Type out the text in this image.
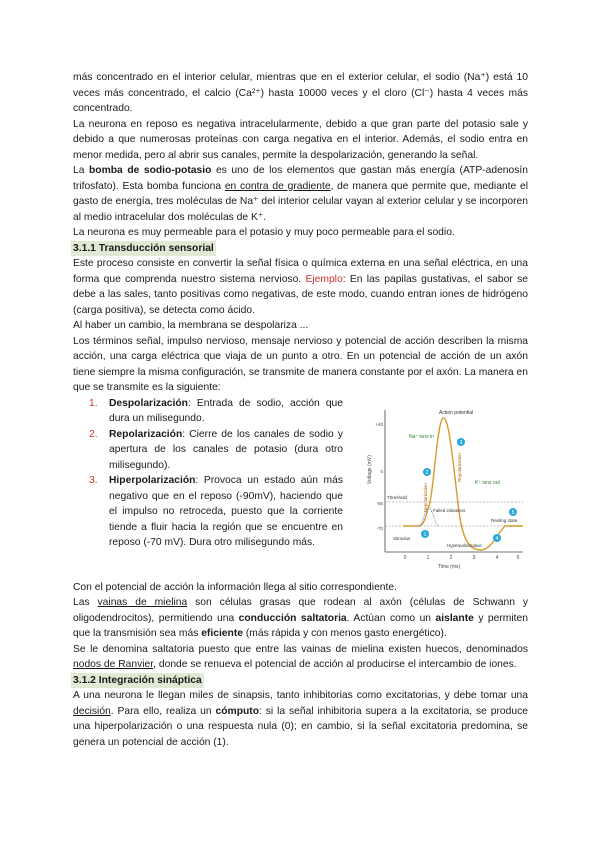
más concentrado en el interior celular, mientras que en el exterior celular, el sodio (Na⁺) está 10 veces más concentrado, el calcio (Ca²⁺) hasta 10000 veces y el cloro (Cl⁻) hasta 4 veces más concentrado.

La neurona en reposo es negativa intracelularmente, debido a que gran parte del potasio sale y debido a que numerosas proteínas con carga negativa en el interior. Además, el sodio entra en menor medida, pero al abrir sus canales, permite la despolarización, generando la señal.

La bomba de sodio-potasio es uno de los elementos que gastan más energía (ATP-adenosín trifosfato). Esta bomba funciona en contra de gradiente, de manera que permite que, mediante el gasto de energía, tres moléculas de Na⁺ del interior celular vayan al exterior celular y se incorporen al medio intracelular dos moléculas de K⁺.

La neurona es muy permeable para el potasio y muy poco permeable para el sodio.

3.1.1 Transducción sensorial

Este proceso consiste en convertir la señal física o química externa en una señal eléctrica, en una forma que comprenda nuestro sistema nervioso. Ejemplo: En las papilas gustativas, el sabor se debe a las sales, tanto positivas como negativas, de este modo, cuando entran iones de hidrógeno (carga positiva), se detecta como ácido.

Al haber un cambio, la membrana se despolariza ...

Los términos señal, impulso nervioso, mensaje nervioso y potencial de acción describen la misma acción, una carga eléctrica que viaja de un punto a otro. En un potencial de acción de un axón tiene siempre la misma configuración, se transmite de manera constante por el axón. La manera en que se transmite es la siguiente:

1. Despolarización: Entrada de sodio, acción que dura un milisegundo.
2. Repolarización: Cierre de los canales de sodio y apertura de los canales de potasio (dura otro milisegundo).
3. Hiperpolarización: Provoca un estado aún más negativo que en el reposo (-90mV), haciendo que el impulso no retroceda, puesto que la corriente tiende a fluir hacia la región que se encuentre en reposo (-70 mV). Dura otro milisegundo más.
Voltage (mV)
Time (ms)
+40
0
-55
-70
0	1	2	3	4	5
Action potential
Na⁺ ions in
K⁺ ions out
Depolarization
Repolarization
Threshold
Failed initiations
Resting state
Stimulus
Hyperpolarization
1
2
3
4
5

Con el potencial de acción la información llega al sitio correspondiente.

Las vainas de mielina son células grasas que rodean al axón (células de Schwann y oligodendrocitos), permitiendo una conducción saltatoria. Actúan como un aislante y permiten que la transmisión sea más eficiente (más rápida y con menos gasto energético).

Se le denomina saltatoria puesto que entre las vainas de mielina existen huecos, denominados nodos de Ranvier, donde se renueva el potencial de acción al producirse el intercambio de iones.

3.1.2 Integración sináptica

A una neurona le llegan miles de sinapsis, tanto inhibitorias como excitatorias, y debe tomar una decisión. Para ello, realiza un cómputo: si la señal inhibitoria supera a la excitatoria, se produce una hiperpolarización o una respuesta nula (0); en cambio, si la señal excitatoria predomina, se genera un potencial de acción (1).
